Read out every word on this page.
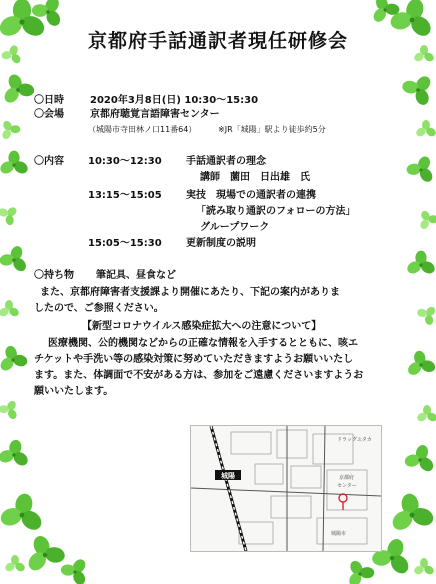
京都府手話通訳者現任研修会
〇日時	2020年3月8日(日) 10:30〜15:30
〇会場	京都府聴覚言語障害センター
（城陽市寺田林ノ口11番64）	※JR「城陽」駅より徒歩約5分
〇内容 10:30〜12:30 手話通訳者の理念
講師　薗田　日出雄　氏
13:15〜15:05 実技　現場での通訳者の連携
「読み取り通訳のフォローの方法」
グループワーク
15:05〜15:30 更新制度の説明
〇持ち物 筆記具、昼食など
また、京都府障害者支援課より開催にあたり、下記の案内がありま
したので、ご参照ください。
【新型コロナウイルス感染症拡大への注意について】
医療機関、公的機関などからの正確な情報を入手するとともに、咳エ
チケットや手洗い等の感染対策に努めていただきますようお願いいたし
ます。また、体調面で不安がある方は、参加をご遠慮くださいますようお
願いいたします。
城陽
ドラッグユタカ
京都府
センター
城陽市
